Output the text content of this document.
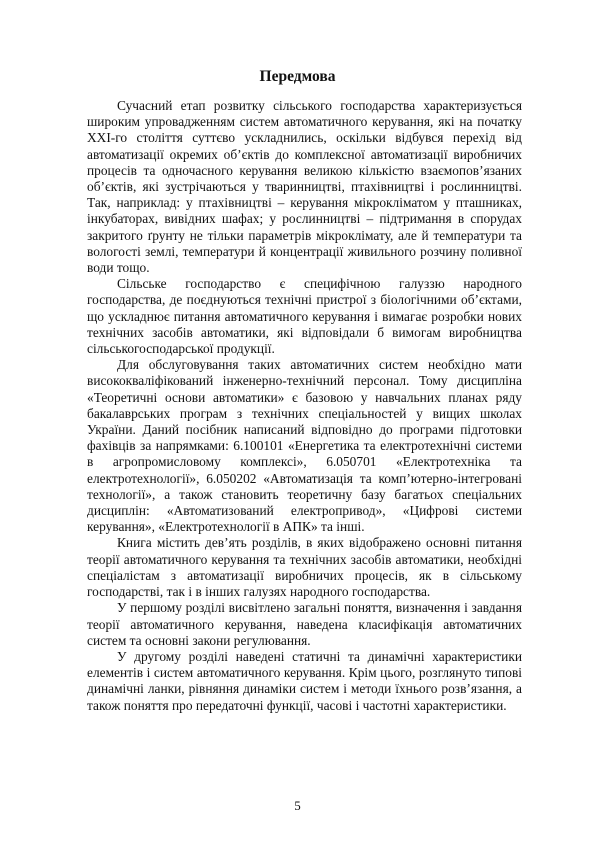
Передмова

Сучасний етап розвитку сільського господарства характеризується широким упровадженням систем автоматичного керування, які на початку XXI-го століття суттєво ускладнились, оскільки відбувся перехід від автоматизації окремих об’єктів до комплексної автоматизації виробничих процесів та одночасного керування великою кількістю взаємопов’язаних об’єктів, які зустрічаються у тваринництві, птахівництві і рослинництві. Так, наприклад: у птахівництві – керування мікрокліматом у пташниках, інкубаторах, вивідних шафах; у рослинництві – підтримання в спорудах закритого ґрунту не тільки параметрів мікроклімату, але й температури та вологості землі, температури й концентрації живильного розчину поливної води тощо.

Сільське господарство є специфічною галуззю народного господарства, де поєднуються технічні пристрої з біологічними об’єктами, що ускладнює питання автоматичного керування і вимагає розробки нових технічних засобів автоматики, які відповідали б вимогам виробництва сільськогосподарської продукції.

Для обслуговування таких автоматичних систем необхідно мати висококваліфікований інженерно-технічний персонал. Тому дисципліна «Теоретичні основи автоматики» є базовою у навчальних планах ряду бакалаврських програм з технічних спеціальностей у вищих школах України. Даний посібник написаний відповідно до програми підготовки фахівців за напрямками: 6.100101 «Енергетика та електротехнічні системи в агропромисловому комплексі», 6.050701 «Електротехніка та електротехнології», 6.050202 «Автоматизація та комп’ютерно-інтегровані технології», а також становить теоретичну базу багатьох спеціальних дисциплін: «Автоматизований електропривод», «Цифрові системи керування», «Електротехнології в АПК» та інші.

Книга містить дев’ять розділів, в яких відображено основні питання теорії автоматичного керування та технічних засобів автоматики, необхідні спеціалістам з автоматизації виробничих процесів, як в сільському господарстві, так і в інших галузях народного господарства.

У першому розділі висвітлено загальні поняття, визначення і завдання теорії автоматичного керування, наведена класифікація автоматичних систем та основні закони регулювання.

У другому розділі наведені статичні та динамічні характеристики елементів і систем автоматичного керування. Крім цього, розглянуто типові динамічні ланки, рівняння динаміки систем і методи їхнього розв’язання, а також поняття про передаточні функції, часові і частотні характеристики.

5
